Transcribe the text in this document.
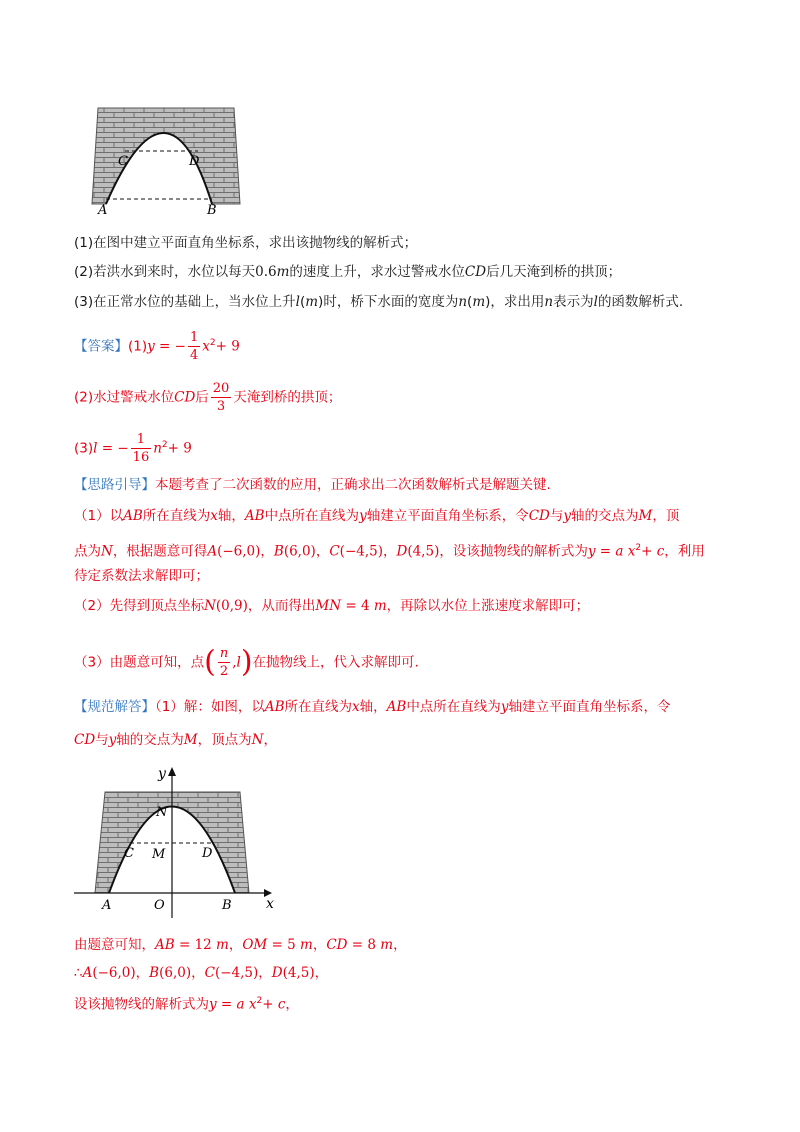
C	D
A	B
(1)在图中建立平面直角坐标系，求出该抛物线的解析式；
(2)若洪水到来时，水位以每天0.6m的速度上升，求水过警戒水位CD后几天淹到桥的拱顶；
(3)在正常水位的基础上，当水位上升l(m)时，桥下水面的宽度为n(m)，求出用n表示为l的函数解析式.
【答案】(1)y = − $\frac{1}{4} x^2+ 9$
(2)水过警戒水位CD后 $\frac{20}{3}$ 天淹到桥的拱顶；
(3)l = − $\frac{1}{16} n^2+ 9$
【思路引导】本题考查了二次函数的应用，正确求出二次函数解析式是解题关键.
（1）以AB所在直线为x轴，AB中点所在直线为y轴建立平面直角坐标系，令CD与y轴的交点为M，顶
点为N，根据题意可得A(−6,0)，B(6,0)，C(−4,5)，D(4,5)，设该抛物线的解析式为y = a $x^2+ c$，利用
待定系数法求解即可；
（2）先得到顶点坐标N(0,9)，从而得出MN = 4 m，再除以水位上涨速度求解即可；
（3）由题意可知，点( $\frac{n}{2} ,l$)在抛物线上，代入求解即可.
【规范解答】（1）解：如图，以AB所在直线为x轴，AB中点所在直线为y轴建立平面直角坐标系，令
CD与y轴的交点为M，顶点为N，
y
x
N
C M	D
A	O	B
由题意可知，AB = 12 m，OM = 5 m，CD = 8 m，
∴A(−6,0)，B(6,0)，C(−4,5)，D(4,5)，
设该抛物线的解析式为y = a $x^2+ c$，
